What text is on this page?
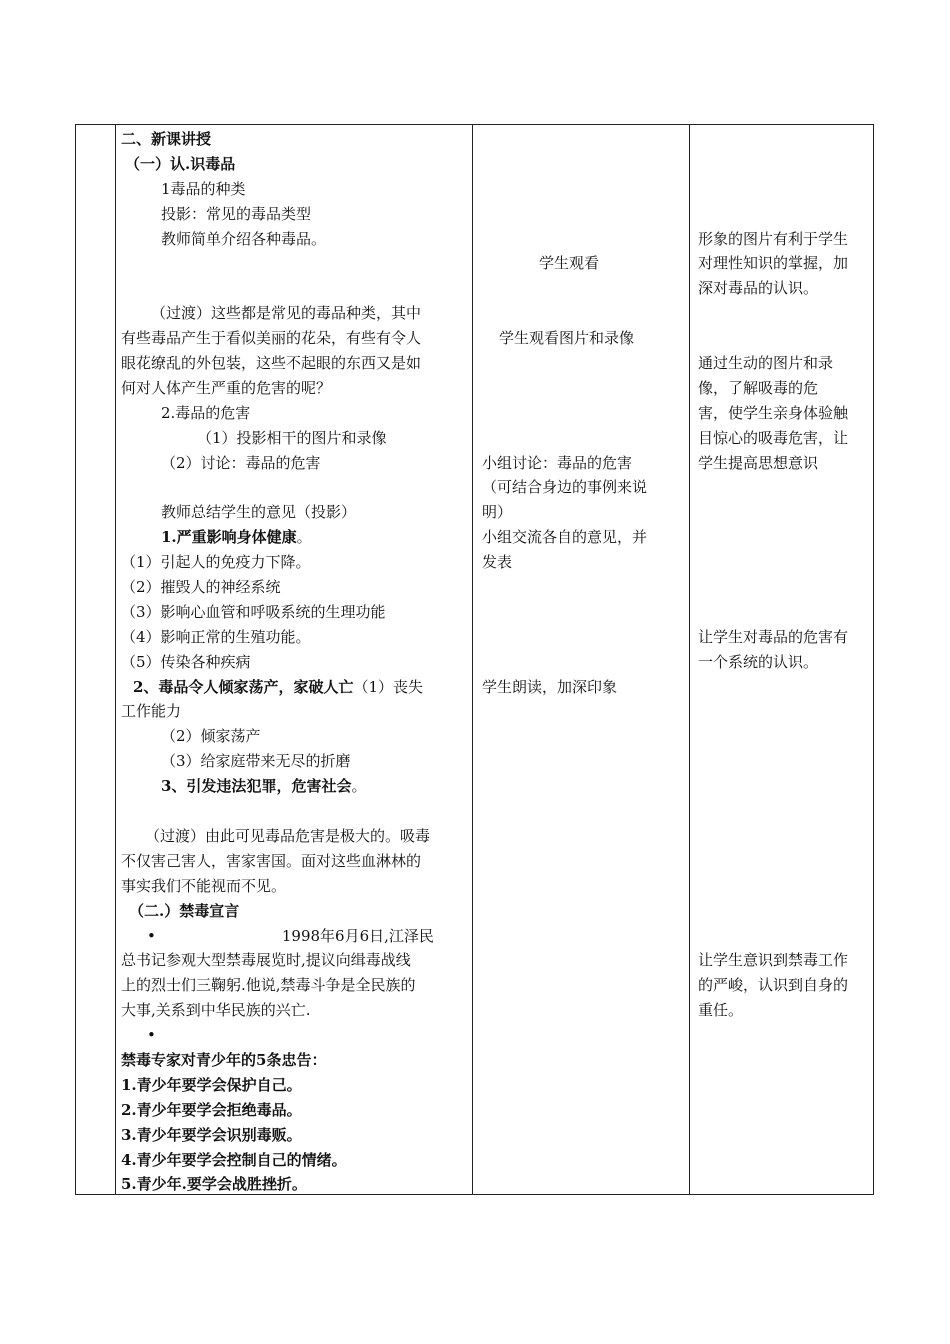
二、新课讲授
（一）认.识毒品
1毒品的种类
投影：常见的毒品类型
教师简单介绍各种毒品。
（过渡）这些都是常见的毒品种类，其中
有些毒品产生于看似美丽的花朵，有些有令人
眼花缭乱的外包装，这些不起眼的东西又是如
何对人体产生严重的危害的呢？
2.毒品的危害
（1）投影相干的图片和录像
（2）讨论：毒品的危害
教师总结学生的意见（投影）
1.严重影响身体健康。
（1）引起人的免疫力下降。
（2）摧毁人的神经系统
（3）影响心血管和呼吸系统的生理功能
（4）影响正常的生殖功能。
（5）传染各种疾病
2、毒品令人倾家荡产，家破人亡（1）丧失
工作能力
（2）倾家荡产
（3）给家庭带来无尽的折磨
3、引发违法犯罪，危害社会。
（过渡）由此可见毒品危害是极大的。吸毒
不仅害己害人，害家害国。面对这些血淋林的
事实我们不能视而不见。
（二.）禁毒宣言
•	1998年6月6日,江泽民
总书记参观大型禁毒展览时,提议向缉毒战线
上的烈士们三鞠躬.他说,禁毒斗争是全民族的
大事,关系到中华民族的兴亡.
•
禁毒专家对青少年的5条忠告：
1.青少年要学会保护自己。
2.青少年要学会拒绝毒品。
3.青少年要学会识别毒贩。
4.青少年要学会控制自己的情绪。
5.青少年.要学会战胜挫折。
学生观看
学生观看图片和录像
小组讨论：毒品的危害
（可结合身边的事例来说
明）
小组交流各自的意见，并
发表
学生朗读，加深印象
形象的图片有利于学生
对理性知识的掌握，加
深对毒品的认识。
通过生动的图片和录
像，了解吸毒的危
害，使学生亲身体验触
目惊心的吸毒危害，让
学生提高思想意识
让学生对毒品的危害有
一个系统的认识。
让学生意识到禁毒工作
的严峻，认识到自身的
重任。
